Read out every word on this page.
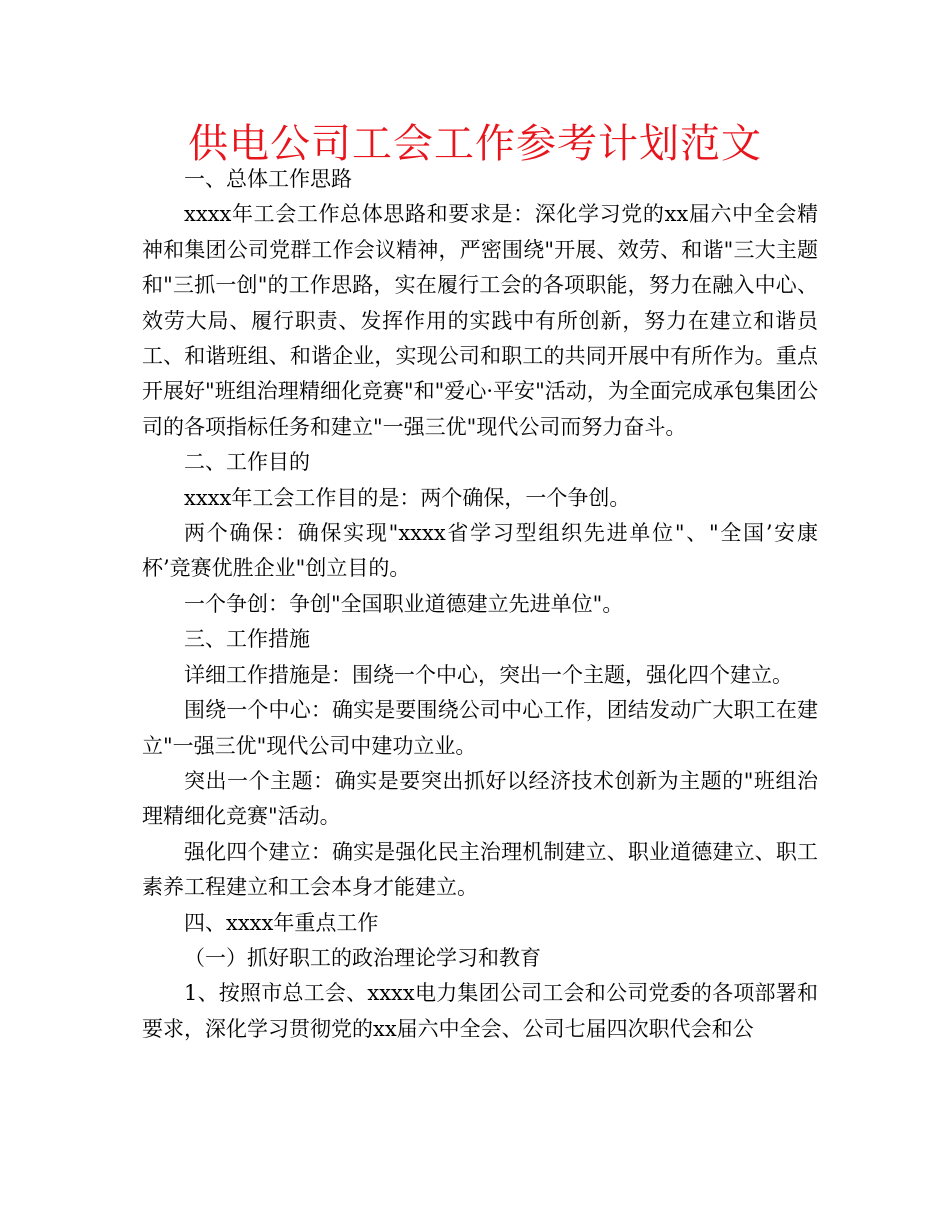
供电公司工会工作参考计划范文

一、总体工作思路

xxxx年工会工作总体思路和要求是：深化学习党的xx届六中全会精神和集团公司党群工作会议精神，严密围绕"开展、效劳、和谐"三大主题和"三抓一创"的工作思路，实在履行工会的各项职能，努力在融入中心、效劳大局、履行职责、发挥作用的实践中有所创新，努力在建立和谐员工、和谐班组、和谐企业，实现公司和职工的共同开展中有所作为。重点开展好"班组治理精细化竞赛"和"爱心·平安"活动，为全面完成承包集团公司的各项指标任务和建立"一强三优"现代公司而努力奋斗。

二、工作目的

xxxx年工会工作目的是：两个确保，一个争创。

两个确保：确保实现"xxxx省学习型组织先进单位"、"全国’安康杯’竞赛优胜企业"创立目的。

一个争创：争创"全国职业道德建立先进单位"。

三、工作措施

详细工作措施是：围绕一个中心，突出一个主题，强化四个建立。

围绕一个中心：确实是要围绕公司中心工作，团结发动广大职工在建立"一强三优"现代公司中建功立业。

突出一个主题：确实是要突出抓好以经济技术创新为主题的"班组治理精细化竞赛"活动。

强化四个建立：确实是强化民主治理机制建立、职业道德建立、职工素养工程建立和工会本身才能建立。

四、xxxx年重点工作

（一）抓好职工的政治理论学习和教育

1、按照市总工会、xxxx电力集团公司工会和公司党委的各项部署和要求，深化学习贯彻党的xx届六中全会、公司七届四次职代会和公
